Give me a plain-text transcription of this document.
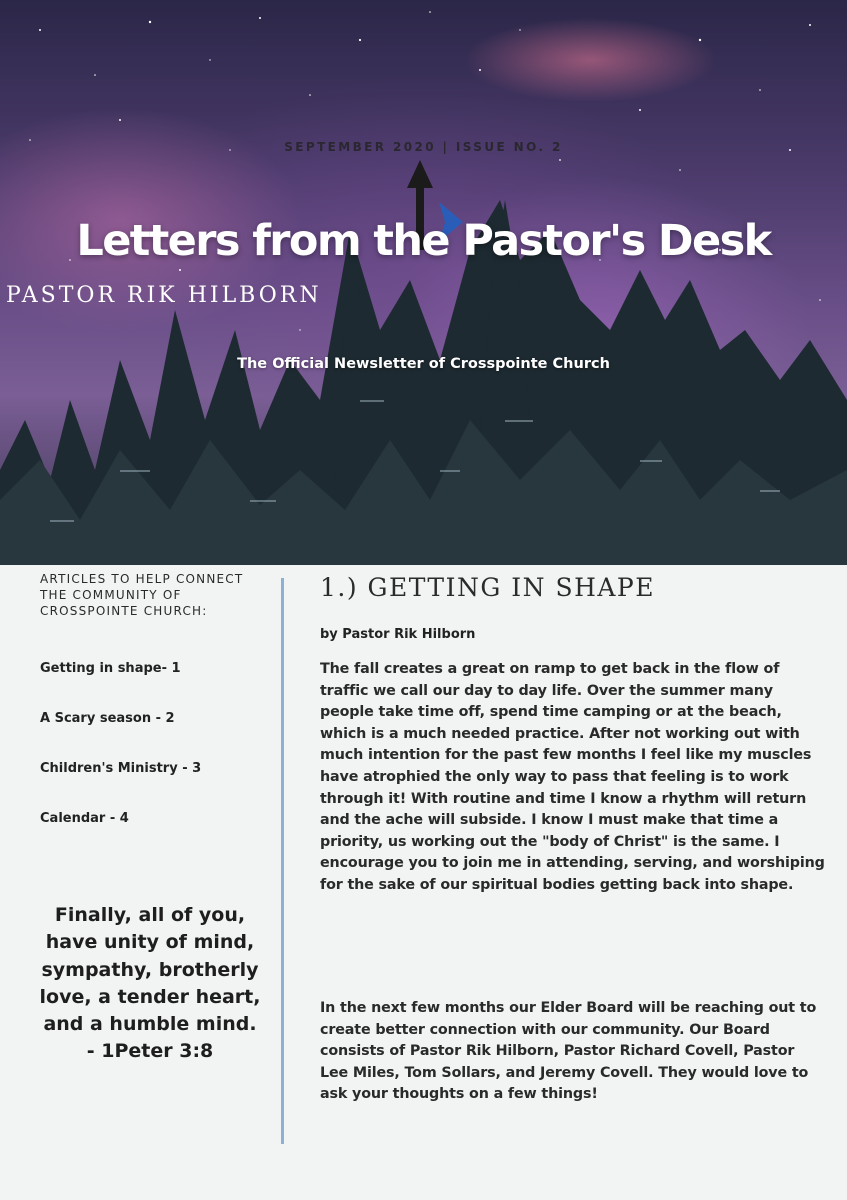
SEPTEMBER 2020 | ISSUE NO. 2
Letters from the Pastor's Desk
PASTOR RIK HILBORN
The Official Newsletter of Crosspointe Church

ARTICLES TO HELP CONNECT THE COMMUNITY OF CROSSPOINTE CHURCH:

Getting in shape- 1
A Scary season - 2
Children's Ministry - 3
Calendar - 4
Finally, all of you, have unity of mind, sympathy, brotherly love, a tender heart, and a humble mind.
- 1Peter 3:8
1.) GETTING IN SHAPE

by Pastor Rik Hilborn

The fall creates a great on ramp to get back in the flow of traffic we call our day to day life. Over the summer many people take time off, spend time camping or at the beach, which is a much needed practice. After not working out with much intention for the past few months I feel like my muscles have atrophied the only way to pass that feeling is to work through it! With routine and time I know a rhythm will return and the ache will subside. I know I must make that time a priority, us working out the "body of Christ" is the same. I encourage you to join me in attending, serving, and worshiping for the sake of our spiritual bodies getting back into shape.

In the next few months our Elder Board will be reaching out to create better connection with our community. Our Board consists of Pastor Rik Hilborn, Pastor Richard Covell, Pastor Lee Miles, Tom Sollars, and Jeremy Covell. They would love to ask your thoughts on a few things!
